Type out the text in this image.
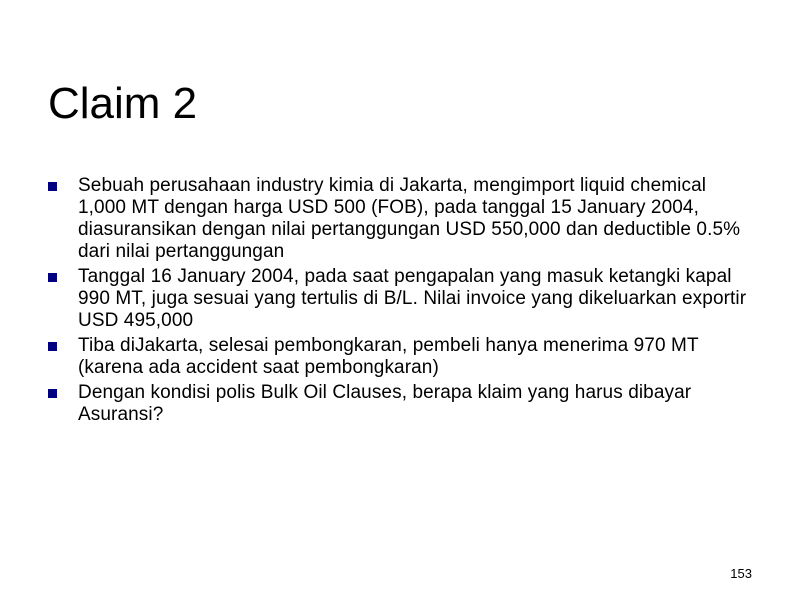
Claim 2
Sebuah perusahaan industry kimia di Jakarta, mengimport liquid chemical 1,000 MT dengan harga USD 500 (FOB), pada tanggal 15 January 2004, diasuransikan dengan nilai pertanggungan USD 550,000 dan deductible 0.5% dari nilai pertanggungan
Tanggal 16 January 2004, pada saat pengapalan yang masuk ketangki kapal 990 MT, juga sesuai yang tertulis di B/L. Nilai invoice yang dikeluarkan exportir USD 495,000
Tiba diJakarta, selesai pembongkaran, pembeli hanya menerima 970 MT (karena ada accident saat pembongkaran)
Dengan kondisi polis Bulk Oil Clauses, berapa klaim yang harus dibayar Asuransi?
153
